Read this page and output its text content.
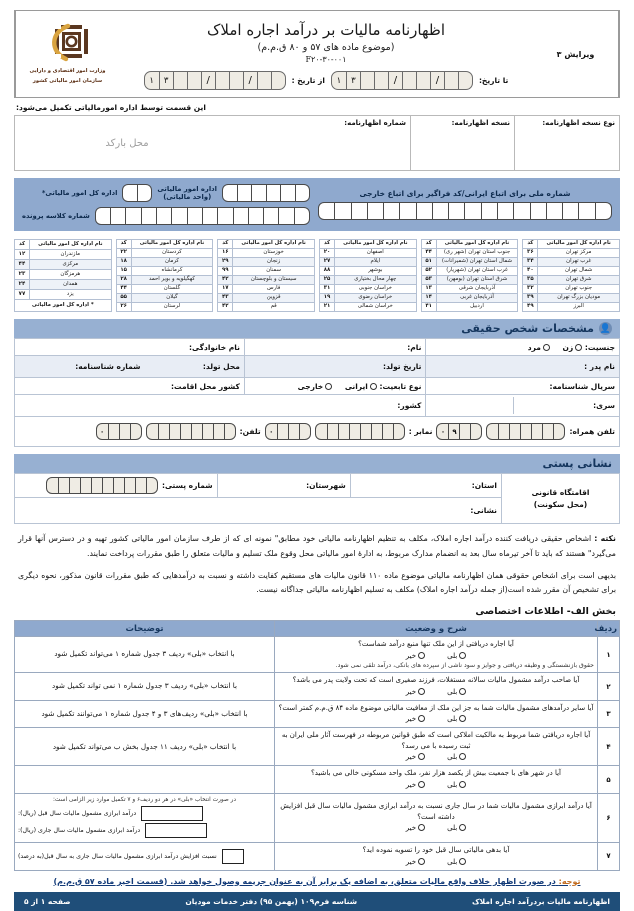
ویرایش ۳
اظهارنامه مالیات بر درآمد اجاره املاک
(موضوع ماده های ۵۷ و ۸۰ ق.م.م)
F۲۰-۳۰-۰۰۱
تا تاریخ:
/
/
۳
۱
از تاریخ :
/
/
۳
۱
وزارت امور اقتصادی و دارایی
سازمان امور مالیاتی کشور
این قسمت توسط اداره امورمالیاتی تکمیل می‌شود:
نوع نسخه اظهارنامه:
نسخه اظهارنامه:
شماره اظهارنامه:
محل بارکد
شماره ملی برای اتباع ایرانی/کد فراگیر برای اتباع خارجی
اداره امور مالیاتی
(واحد مالیاتی)
اداره کل امور مالیاتی*
شماره کلاسه پرونده
نام اداره کل امور مالیاتی	کد
مرکز تهران	۳۶
غرب تهران	۳۴
شمال تهران	۴۰
شرق تهران	۳۵
جنوب تهران	۳۲
مودیان بزرگ تهران	۳۹
البرز	۴۹
نام اداره کل امور مالیاتی	کد
جنوب استان تهران (شهر ری)	۴۴
شمال استان تهران (شمیرانات)	۵۱
غرب استان تهران (شهریار)	۵۲
شرق استان تهران (بومهن)	۵۳
آذربایجان شرقی	۱۳
آذربایجان غربی	۱۴
اردبیل	۴۱
نام اداره کل امور مالیاتی	کد
اصفهان	۲۰
ایلام	۲۷
بوشهر	۸۸
چهار محال بختیاری	۲۵
خراسان جنوبی	۳۱
خراسان رضوی	۱۹
خراسان شمالی	۲۱
نام اداره کل امور مالیاتی	کد
خوزستان	۱۶
زنجان	۲۹
سمنان	۹۹
سیستان و بلوچستان	۴۲
فارس	۱۷
قزوین	۴۳
قم	۴۲
نام اداره کل امور مالیاتی	کد
کردستان	۲۲
کرمان	۱۸
کرمانشاه	۱۵
کهگیلویه و بویر احمد	۲۸
گلستان	۴۴
گیلان	۵۵
لرستان	۲۶
نام اداره کل امور مالیاتی	کد
مازندران	۱۲
مرکزی	۴۴
هرمزگان	۲۳
همدان	۲۴
یزد	۷۷
* اداره کل امور مالیاتی	
👤
مشخصات شخص حقیقی
جنسیت: زن مرد	نام:	نام خانوادگی:
نام پدر :	تاریخ تولد:	
محل تولد:	شماره شناسنامه:

سریال شناسنامه:	نوع تابعیت: ایرانی خارجی	کشور محل اقامت:

سری:	
	کشور:

تلفن همراه:
۹
۰
نمابر :
۰
تلفن:
۰
نشانی پستی
اقامتگاه قانونی
(محل سکونت)
	استان:	شهرستان:	
شماره پستی:

نشانی:
نکته : اشخاص حقیقی دریافت کننده درآمد اجاره املاک، مکلف به تنظیم اظهارنامه مالیاتی خود مطابق" نمونه ای که از طرف سازمان امور مالیاتی کشور تهیه و در دسترس آنها قرار می‌گیرد" هستند که باید تا آخر تیرماه سال بعد به انضمام مدارک مربوط، به ادارۀ امور مالیاتی محل وقوع ملک تسلیم و مالیات متعلق را طبق مقررات پرداخت نمایند.
بدیهی است برای اشخاص حقوقی همان اظهارنامه مالیاتی موضوع ماده ۱۱۰ قانون مالیات های مستقیم کفایت داشته و نسبت به درآمدهایی که طبق مقررات قانون مذکور، نحوه دیگری برای تشخیص آن مقرر شده است(از جمله درآمد اجاره املاک) مکلف به تسلیم اظهارنامه مالیاتی جداگانه نیست.
بخش الف- اطلاعات اختصاصی
ردیف	شرح و وضعیت	توضیحات
۱	آیا اجاره دریافتی از این ملک تنها منبع درآمد شماست؟
بلی
خیر
حقوق بازنشستگی و وظیفه دریافتی و جوایز و سود ناشی از سپرده های بانکی، درآمد تلقی نمی شود.	با انتخاب «بلی» ردیف ۳ جدول شماره ۱ می‌تواند تکمیل شود

۲	آیا صاحب درآمد مشمول مالیات سالانه مستغلات، فرزند صغیری است که تحت ولایت پدر می باشد؟
بلی
خیر	با انتخاب «بلی» ردیف ۳ جدول شماره ۱ نمی تواند تکمیل شود

۳	آیا سایر درآمدهای مشمول مالیات شما به جز این ملک از معافیت مالیاتی موضوع ماده ۸۴ ق.م.م کمتر است؟
بلی
خیر	با انتخاب «بلی» ردیف‌های ۳ و ۴ جدول شماره ۱ می‌توانند تکمیل شود

۴	آیا اجاره دریافتی شما مربوط به مالکیت املاکی است که طبق قوانین مربوطه در فهرست آثار ملی ایران به ثبت رسیده با می رسد؟
بلی
خیر	با انتخاب «بلی» ردیف ۱۱ جدول بخش ب می‌تواند تکمیل شود

۵	آیا در شهر های با جمعیت بیش از یکصد هزار نفر، ملک واحد مسکونی خالی می باشید؟
بلی
خیر	

۶	
آیا درآمد ابرازی مشمول مالیات شما در سال جاری نسبت به درآمد ابرازی مشمول مالیات سال قبل افزایش داشته است؟
بلی
خیر

در صورت انتخاب «بلی» در هر دو ردیف۶ و ۷ تکمیل موارد زیر الزامی است:
درآمد ابرازی مشمول مالیات سال قبل (ریال):
درآمد ابرازی مشمول مالیات سال جاری (ریال):

۷	آیا بدهی مالیاتی سال قبل خود را تسویه نموده اید؟
بلی
خیر	نسبت افزایش درآمد ابرازی مشمول مالیات سال جاری به سال قبل(به درصد)
توجه: در صورت اظهار خلاف واقع مالیات متعلق، به اضافه یک برابر آن به عنوان جریمه وصول خواهد شد. (قسمت اخیر ماده ۵۷ ق.م.م)
اظهارنامه مالیات بردرآمد اجاره املاک
شناسه فرم۱۰۹ (بهمن ۹۵) دفتر خدمات مودیان
صفحه ۱ از ۵
